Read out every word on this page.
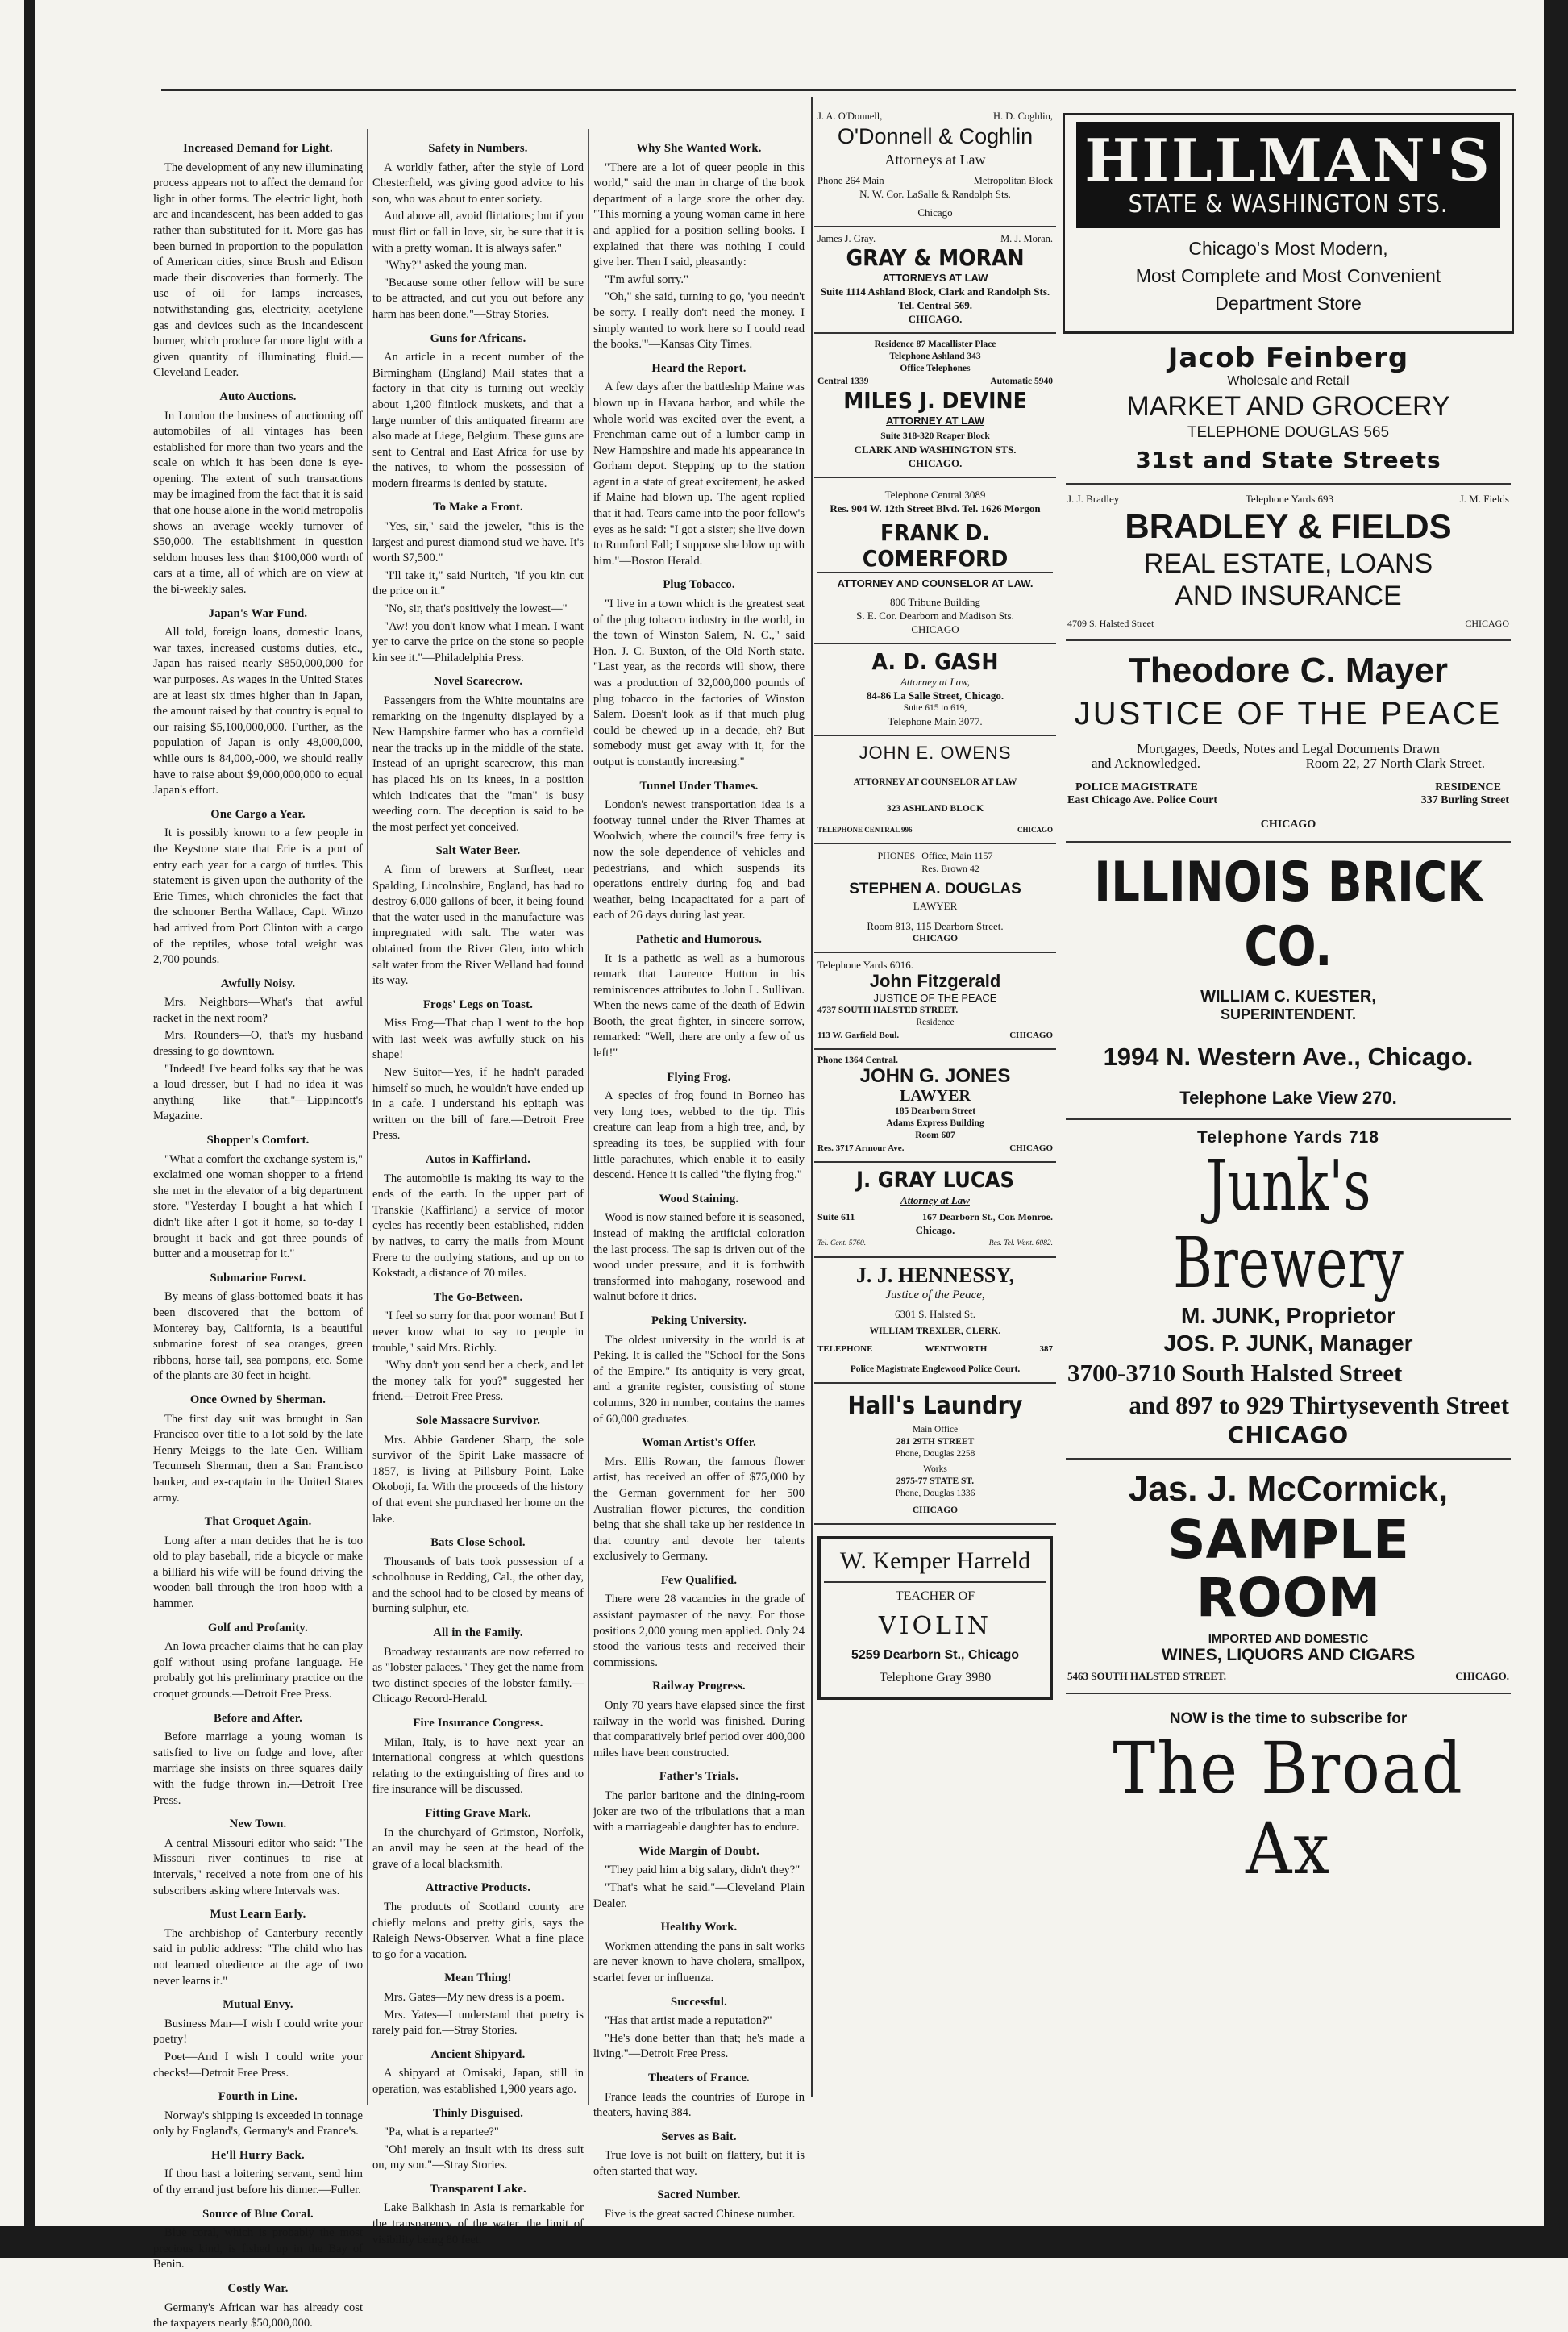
Increased Demand for Light.

The development of any new illuminating process appears not to affect the demand for light in other forms. The electric light, both arc and incandescent, has been added to gas rather than substituted for it. More gas has been burned in proportion to the population of American cities, since Brush and Edison made their discoveries than formerly. The use of oil for lamps increases, notwithstanding gas, electricity, acetylene gas and devices such as the incandescent burner, which produce far more light with a given quantity of illuminating fluid.—Cleveland Leader.

Auto Auctions.

In London the business of auctioning off automobiles of all vintages has been established for more than two years and the scale on which it has been done is eye-opening. The extent of such transactions may be imagined from the fact that it is said that one house alone in the world metropolis shows an average weekly turnover of $50,000. The establishment in question seldom houses less than $100,000 worth of cars at a time, all of which are on view at the bi-weekly sales.

Japan's War Fund.

All told, foreign loans, domestic loans, war taxes, increased customs duties, etc., Japan has raised nearly $850,000,000 for war purposes. As wages in the United States are at least six times higher than in Japan, the amount raised by that country is equal to our raising $5,100,000,000. Further, as the population of Japan is only 48,000,000, while ours is 84,000,-000, we should really have to raise about $9,000,000,000 to equal Japan's effort.

One Cargo a Year.

It is possibly known to a few people in the Keystone state that Erie is a port of entry each year for a cargo of turtles. This statement is given upon the authority of the Erie Times, which chronicles the fact that the schooner Bertha Wallace, Capt. Winzo had arrived from Port Clinton with a cargo of the reptiles, whose total weight was 2,700 pounds.

Awfully Noisy.

Mrs. Neighbors—What's that awful racket in the next room?

Mrs. Rounders—O, that's my husband dressing to go downtown.

"Indeed! I've heard folks say that he was a loud dresser, but I had no idea it was anything like that."—Lippincott's Magazine.

Shopper's Comfort.

"What a comfort the exchange system is," exclaimed one woman shopper to a friend she met in the elevator of a big department store. "Yesterday I bought a hat which I didn't like after I got it home, so to-day I brought it back and got three pounds of butter and a mousetrap for it."

Submarine Forest.

By means of glass-bottomed boats it has been discovered that the bottom of Monterey bay, California, is a beautiful submarine forest of sea oranges, green ribbons, horse tail, sea pompons, etc. Some of the plants are 30 feet in height.

Once Owned by Sherman.

The first day suit was brought in San Francisco over title to a lot sold by the late Henry Meiggs to the late Gen. William Tecumseh Sherman, then a San Francisco banker, and ex-captain in the United States army.

That Croquet Again.

Long after a man decides that he is too old to play baseball, ride a bicycle or make a billiard his wife will be found driving the wooden ball through the iron hoop with a hammer.

Golf and Profanity.

An Iowa preacher claims that he can play golf without using profane language. He probably got his preliminary practice on the croquet grounds.—Detroit Free Press.

Before and After.

Before marriage a young woman is satisfied to live on fudge and love, after marriage she insists on three squares daily with the fudge thrown in.—Detroit Free Press.

New Town.

A central Missouri editor who said: "The Missouri river continues to rise at intervals," received a note from one of his subscribers asking where Intervals was.

Must Learn Early.

The archbishop of Canterbury recently said in public address: "The child who has not learned obedience at the age of two never learns it."

Mutual Envy.

Business Man—I wish I could write your poetry!

Poet—And I wish I could write your checks!—Detroit Free Press.

Fourth in Line.

Norway's shipping is exceeded in tonnage only by England's, Germany's and France's.

He'll Hurry Back.

If thou hast a loitering servant, send him of thy errand just before his dinner.—Fuller.

Source of Blue Coral.

Blue coral, which is probably the most precious kind, is fished up in the Bay of Benin.

Costly War.

Germany's African war has already cost the taxpayers nearly $50,000,000.

Safety in Numbers.

A worldly father, after the style of Lord Chesterfield, was giving good advice to his son, who was about to enter society.

And above all, avoid flirtations; but if you must flirt or fall in love, sir, be sure that it is with a pretty woman. It is always safer."

"Why?" asked the young man.

"Because some other fellow will be sure to be attracted, and cut you out before any harm has been done."—Stray Stories.

Guns for Africans.

An article in a recent number of the Birmingham (England) Mail states that a factory in that city is turning out weekly about 1,200 flintlock muskets, and that a large number of this antiquated firearm are also made at Liege, Belgium. These guns are sent to Central and East Africa for use by the natives, to whom the possession of modern firearms is denied by statute.

To Make a Front.

"Yes, sir," said the jeweler, "this is the largest and purest diamond stud we have. It's worth $7,500."

"I'll take it," said Nuritch, "if you kin cut the price on it."

"No, sir, that's positively the lowest—"

"Aw! you don't know what I mean. I want yer to carve the price on the stone so people kin see it."—Philadelphia Press.

Novel Scarecrow.

Passengers from the White mountains are remarking on the ingenuity displayed by a New Hampshire farmer who has a cornfield near the tracks up in the middle of the state. Instead of an upright scarecrow, this man has placed his on its knees, in a position which indicates that the "man" is busy weeding corn. The deception is said to be the most perfect yet conceived.

Salt Water Beer.

A firm of brewers at Surfleet, near Spalding, Lincolnshire, England, has had to destroy 6,000 gallons of beer, it being found that the water used in the manufacture was impregnated with salt. The water was obtained from the River Glen, into which salt water from the River Welland had found its way.

Frogs' Legs on Toast.

Miss Frog—That chap I went to the hop with last week was awfully stuck on his shape!

New Suitor—Yes, if he hadn't paraded himself so much, he wouldn't have ended up in a cafe. I understand his epitaph was written on the bill of fare.—Detroit Free Press.

Autos in Kaffirland.

The automobile is making its way to the ends of the earth. In the upper part of Transkie (Kaffirland) a service of motor cycles has recently been established, ridden by natives, to carry the mails from Mount Frere to the outlying stations, and up on to Kokstadt, a distance of 70 miles.

The Go-Between.

"I feel so sorry for that poor woman! But I never know what to say to people in trouble," said Mrs. Richly.

"Why don't you send her a check, and let the money talk for you?" suggested her friend.—Detroit Free Press.

Sole Massacre Survivor.

Mrs. Abbie Gardener Sharp, the sole survivor of the Spirit Lake massacre of 1857, is living at Pillsbury Point, Lake Okoboji, Ia. With the proceeds of the history of that event she purchased her home on the lake.

Bats Close School.

Thousands of bats took possession of a schoolhouse in Redding, Cal., the other day, and the school had to be closed by means of burning sulphur, etc.

All in the Family.

Broadway restaurants are now referred to as "lobster palaces." They get the name from two distinct species of the lobster family.—Chicago Record-Herald.

Fire Insurance Congress.

Milan, Italy, is to have next year an international congress at which questions relating to the extinguishing of fires and to fire insurance will be discussed.

Fitting Grave Mark.

In the churchyard of Grimston, Norfolk, an anvil may be seen at the head of the grave of a local blacksmith.

Attractive Products.

The products of Scotland county are chiefly melons and pretty girls, says the Raleigh News-Observer. What a fine place to go for a vacation.

Mean Thing!

Mrs. Gates—My new dress is a poem.

Mrs. Yates—I understand that poetry is rarely paid for.—Stray Stories.

Ancient Shipyard.

A shipyard at Omisaki, Japan, still in operation, was established 1,900 years ago.

Thinly Disguised.

"Pa, what is a repartee?"

"Oh! merely an insult with its dress suit on, my son."—Stray Stories.

Transparent Lake.

Lake Balkhash in Asia is remarkable for the transparency of the water, the limit of visibility being 80 feet.

Why She Wanted Work.

"There are a lot of queer people in this world," said the man in charge of the book department of a large store the other day. "This morning a young woman came in here and applied for a position selling books. I explained that there was nothing I could give her. Then I said, pleasantly:

"I'm awful sorry."

"Oh," she said, turning to go, 'you needn't be sorry. I really don't need the money. I simply wanted to work here so I could read the books.'"—Kansas City Times.

Heard the Report.

A few days after the battleship Maine was blown up in Havana harbor, and while the whole world was excited over the event, a Frenchman came out of a lumber camp in New Hampshire and made his appearance in Gorham depot. Stepping up to the station agent in a state of great excitement, he asked if Maine had blown up. The agent replied that it had. Tears came into the poor fellow's eyes as he said: "I got a sister; she live down to Rumford Fall; I suppose she blow up with him."—Boston Herald.

Plug Tobacco.

"I live in a town which is the greatest seat of the plug tobacco industry in the world, in the town of Winston Salem, N. C.," said Hon. J. C. Buxton, of the Old North state. "Last year, as the records will show, there was a production of 32,000,000 pounds of plug tobacco in the factories of Winston Salem. Doesn't look as if that much plug could be chewed up in a decade, eh? But somebody must get away with it, for the output is constantly increasing."

Tunnel Under Thames.

London's newest transportation idea is a footway tunnel under the River Thames at Woolwich, where the council's free ferry is now the sole dependence of vehicles and pedestrians, and which suspends its operations entirely during fog and bad weather, being incapacitated for a part of each of 26 days during last year.

Pathetic and Humorous.

It is a pathetic as well as a humorous remark that Laurence Hutton in his reminiscences attributes to John L. Sullivan. When the news came of the death of Edwin Booth, the great fighter, in sincere sorrow, remarked: "Well, there are only a few of us left!"

Flying Frog.

A species of frog found in Borneo has very long toes, webbed to the tip. This creature can leap from a high tree, and, by spreading its toes, be supplied with four little parachutes, which enable it to easily descend. Hence it is called "the flying frog."

Wood Staining.

Wood is now stained before it is seasoned, instead of making the artificial coloration the last process. The sap is driven out of the wood under pressure, and it is forthwith transformed into mahogany, rosewood and walnut before it dries.

Peking University.

The oldest university in the world is at Peking. It is called the "School for the Sons of the Empire." Its antiquity is very great, and a granite register, consisting of stone columns, 320 in number, contains the names of 60,000 graduates.

Woman Artist's Offer.

Mrs. Ellis Rowan, the famous flower artist, has received an offer of $75,000 by the German government for her 500 Australian flower pictures, the condition being that she shall take up her residence in that country and devote her talents exclusively to Germany.

Few Qualified.

There were 28 vacancies in the grade of assistant paymaster of the navy. For those positions 2,000 young men applied. Only 24 stood the various tests and received their commissions.

Railway Progress.

Only 70 years have elapsed since the first railway in the world was finished. During that comparatively brief period over 400,000 miles have been constructed.

Father's Trials.

The parlor baritone and the dining-room joker are two of the tribulations that a man with a marriageable daughter has to endure.

Wide Margin of Doubt.

"They paid him a big salary, didn't they?"

"That's what he said."—Cleveland Plain Dealer.

Healthy Work.

Workmen attending the pans in salt works are never known to have cholera, smallpox, scarlet fever or influenza.

Successful.

"Has that artist made a reputation?"

"He's done better than that; he's made a living."—Detroit Free Press.

Theaters of France.

France leads the countries of Europe in theaters, having 384.

Serves as Bait.

True love is not built on flattery, but it is often started that way.

Sacred Number.

Five is the great sacred Chinese number.

J. A. O'Donnell,	H. D. Coghlin,
O'Donnell & Coghlin
Attorneys at Law
Phone 264 Main	Metropolitan Block
N. W. Cor. LaSalle & Randolph Sts.
Chicago
James J. Gray.	M. J. Moran.
GRAY & MORAN
ATTORNEYS AT LAW
Suite 1114 Ashland Block, Clark and Randolph Sts. Tel. Central 569.
CHICAGO.
Residence 87 Macallister Place
Telephone Ashland 343
Office Telephones
Central 1339	Automatic 5940
MILES J. DEVINE
ATTORNEY AT LAW
Suite 318-320 Reaper Block
CLARK AND WASHINGTON STS.
CHICAGO.
Telephone Central 3089
Res. 904 W. 12th Street Blvd. Tel. 1626 Morgon
FRANK D. COMERFORD
ATTORNEY AND COUNSELOR AT LAW.
806 Tribune Building
S. E. Cor. Dearborn and Madison Sts.
CHICAGO
A. D. GASH
Attorney at Law,
84-86 La Salle Street, Chicago.
Suite 615 to 619,
Telephone Main 3077.
JOHN E. OWENS
ATTORNEY AT COUNSELOR AT LAW
323 ASHLAND BLOCK
TELEPHONE CENTRAL 996	CHICAGO
PHONES Office, Main 1157
Res. Brown 42
STEPHEN A. DOUGLAS
LAWYER
Room 813, 115 Dearborn Street.
CHICAGO
Telephone Yards 6016.
John Fitzgerald
JUSTICE OF THE PEACE
4737 SOUTH HALSTED STREET.
Residence
113 W. Garfield Boul.	CHICAGO
Phone 1364 Central.
JOHN G. JONES
LAWYER
185 Dearborn Street
Adams Express Building
Room 607
Res. 3717 Armour Ave.	CHICAGO
J. GRAY LUCAS
Attorney at Law
Suite 611	167 Dearborn St., Cor. Monroe.
Chicago.
Tel. Cent. 5760.	Res. Tel. Went. 6082.
J. J. HENNESSY,
Justice of the Peace,
6301 S. Halsted St.
WILLIAM TREXLER, CLERK.
TELEPHONE	WENTWORTH	387
Police Magistrate Englewood Police Court.
Hall's Laundry
Main Office
281 29TH STREET
Phone, Douglas 2258
Works
2975-77 STATE ST.
Phone, Douglas 1336
CHICAGO
W. Kemper Harreld
TEACHER OF
VIOLIN
5259 Dearborn St., Chicago
Telephone Gray 3980
HILLMAN'S
STATE & WASHINGTON STS.
Chicago's Most Modern,
Most Complete and Most Convenient
Department Store
Jacob Feinberg
Wholesale and Retail
MARKET AND GROCERY
TELEPHONE DOUGLAS 565
31st and State Streets
J. J. Bradley	Telephone Yards 693	J. M. Fields
BRADLEY & FIELDS
REAL ESTATE, LOANS
AND INSURANCE
4709 S. Halsted Street	CHICAGO
Theodore C. Mayer
JUSTICE OF THE PEACE
Mortgages, Deeds, Notes and Legal Documents Drawn
and Acknowledged.	Room 22, 27 North Clark Street.
POLICE MAGISTRATE	RESIDENCE
East Chicago Ave. Police Court	337 Burling Street
CHICAGO
ILLINOIS BRICK CO.
WILLIAM C. KUESTER,
SUPERINTENDENT.
1994 N. Western Ave., Chicago.
Telephone Lake View 270.
Telephone Yards 718
Junk's Brewery
M. JUNK, Proprietor
JOS. P. JUNK, Manager
3700-3710 South Halsted Street
and 897 to 929 Thirtyseventh Street
CHICAGO
Jas. J. McCormick,
SAMPLE ROOM
IMPORTED AND DOMESTIC
WINES, LIQUORS AND CIGARS
5463 SOUTH HALSTED STREET.	CHICAGO.
NOW is the time to subscribe for
The Broad Ax
